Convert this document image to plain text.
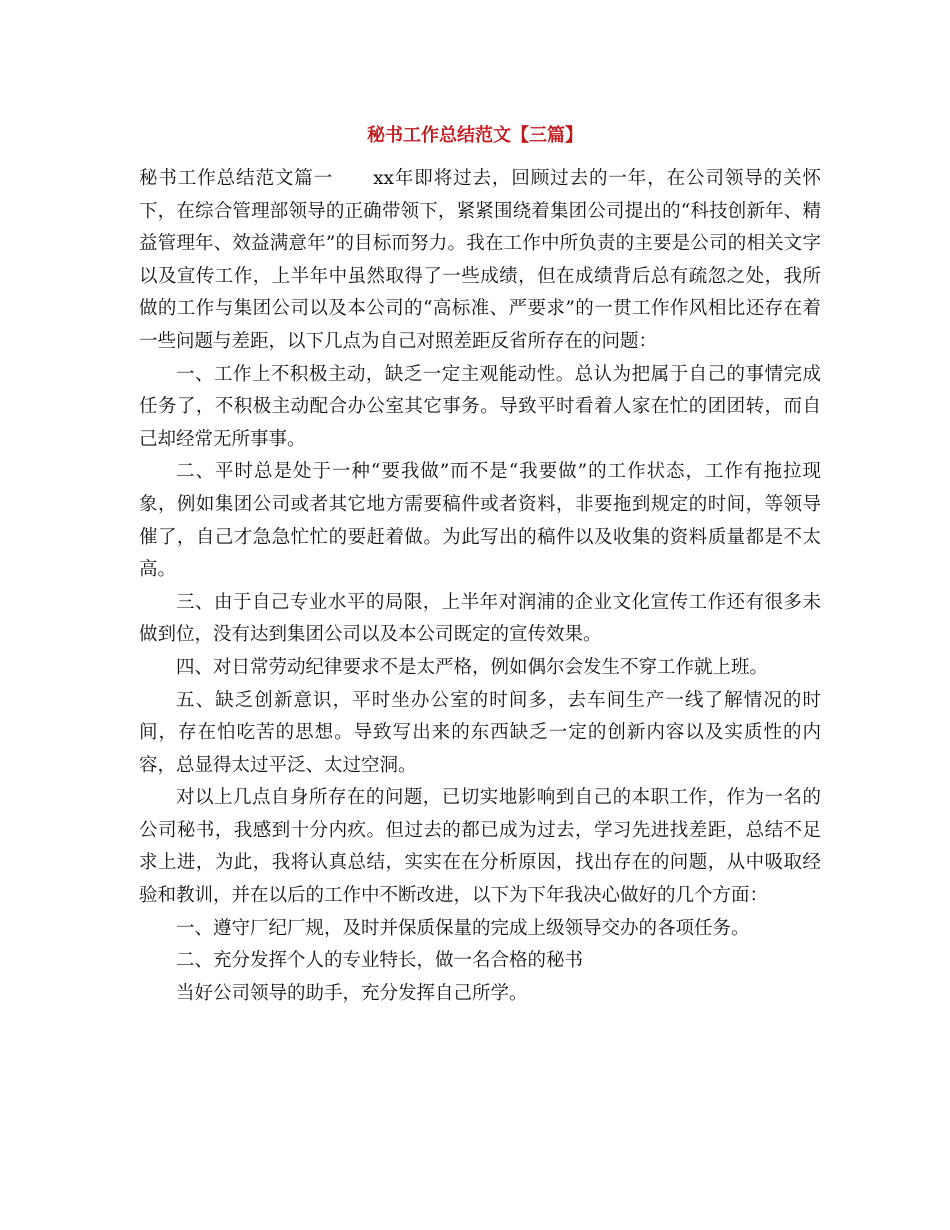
秘书工作总结范文【三篇】

秘书工作总结范文篇一 xx年即将过去，回顾过去的一年，在公司领导的关怀下，在综合管理部领导的正确带领下，紧紧围绕着集团公司提出的“科技创新年、精益管理年、效益满意年”的目标而努力。我在工作中所负责的主要是公司的相关文字以及宣传工作，上半年中虽然取得了一些成绩，但在成绩背后总有疏忽之处，我所做的工作与集团公司以及本公司的“高标准、严要求”的一贯工作作风相比还存在着一些问题与差距，以下几点为自己对照差距反省所存在的问题：

一、工作上不积极主动，缺乏一定主观能动性。总认为把属于自己的事情完成任务了，不积极主动配合办公室其它事务。导致平时看着人家在忙的团团转，而自己却经常无所事事。

二、平时总是处于一种“要我做”而不是“我要做”的工作状态，工作有拖拉现象，例如集团公司或者其它地方需要稿件或者资料，非要拖到规定的时间，等领导催了，自己才急急忙忙的要赶着做。为此写出的稿件以及收集的资料质量都是不太高。

三、由于自己专业水平的局限，上半年对润浦的企业文化宣传工作还有很多未做到位，没有达到集团公司以及本公司既定的宣传效果。

四、对日常劳动纪律要求不是太严格，例如偶尔会发生不穿工作就上班。

五、缺乏创新意识，平时坐办公室的时间多，去车间生产一线了解情况的时间，存在怕吃苦的思想。导致写出来的东西缺乏一定的创新内容以及实质性的内容，总显得太过平泛、太过空洞。

对以上几点自身所存在的问题，已切实地影响到自己的本职工作，作为一名的公司秘书，我感到十分内疚。但过去的都已成为过去，学习先进找差距，总结不足求上进，为此，我将认真总结，实实在在分析原因，找出存在的问题，从中吸取经验和教训，并在以后的工作中不断改进，以下为下年我决心做好的几个方面：

一、遵守厂纪厂规，及时并保质保量的完成上级领导交办的各项任务。

二、充分发挥个人的专业特长，做一名合格的秘书

当好公司领导的助手，充分发挥自己所学。
